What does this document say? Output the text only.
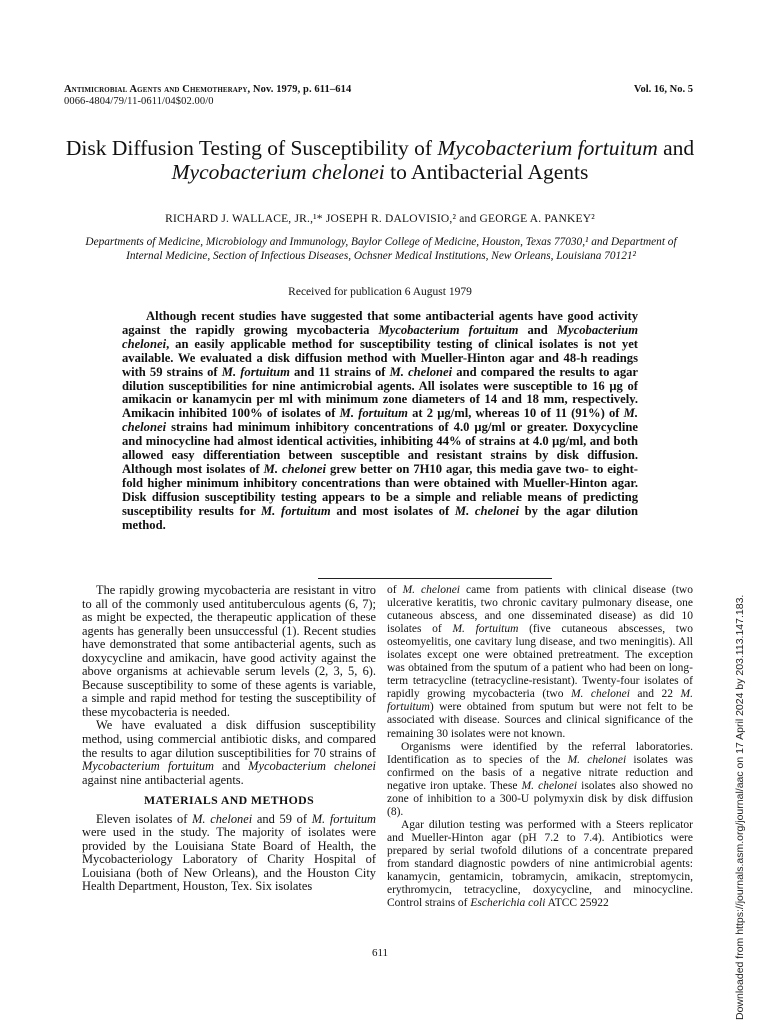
Antimicrobial Agents and Chemotherapy, Nov. 1979, p. 611–614
0066-4804/79/11-0611/04$02.00/0
Vol. 16, No. 5
Disk Diffusion Testing of Susceptibility of Mycobacterium fortuitum and Mycobacterium chelonei to Antibacterial Agents
RICHARD J. WALLACE, JR.,¹* JOSEPH R. DALOVISIO,² and GEORGE A. PANKEY²
Departments of Medicine, Microbiology and Immunology, Baylor College of Medicine, Houston, Texas 77030,¹ and Department of Internal Medicine, Section of Infectious Diseases, Ochsner Medical Institutions, New Orleans, Louisiana 70121²
Received for publication 6 August 1979
Although recent studies have suggested that some antibacterial agents have good activity against the rapidly growing mycobacteria Mycobacterium fortuitum and Mycobacterium chelonei, an easily applicable method for susceptibility testing of clinical isolates is not yet available. We evaluated a disk diffusion method with Mueller-Hinton agar and 48-h readings with 59 strains of M. fortuitum and 11 strains of M. chelonei and compared the results to agar dilution susceptibilities for nine antimicrobial agents. All isolates were susceptible to 16 μg of amikacin or kanamycin per ml with minimum zone diameters of 14 and 18 mm, respectively. Amikacin inhibited 100% of isolates of M. fortuitum at 2 μg/ml, whereas 10 of 11 (91%) of M. chelonei strains had minimum inhibitory concentrations of 4.0 μg/ml or greater. Doxycycline and minocycline had almost identical activities, inhibiting 44% of strains at 4.0 μg/ml, and both allowed easy differentiation between susceptible and resistant strains by disk diffusion. Although most isolates of M. chelonei grew better on 7H10 agar, this media gave two- to eight-fold higher minimum inhibitory concentrations than were obtained with Mueller-Hinton agar. Disk diffusion susceptibility testing appears to be a simple and reliable means of predicting susceptibility results for M. fortuitum and most isolates of M. chelonei by the agar dilution method.

The rapidly growing mycobacteria are resistant in vitro to all of the commonly used antituberculous agents (6, 7); as might be expected, the therapeutic application of these agents has generally been unsuccessful (1). Recent studies have demonstrated that some antibacterial agents, such as doxycycline and amikacin, have good activity against the above organisms at achievable serum levels (2, 3, 5, 6). Because susceptibility to some of these agents is variable, a simple and rapid method for testing the susceptibility of these mycobacteria is needed.

We have evaluated a disk diffusion susceptibility method, using commercial antibiotic disks, and compared the results to agar dilution susceptibilities for 70 strains of Mycobacterium fortuitum and Mycobacterium chelonei against nine antibacterial agents.

MATERIALS AND METHODS

Eleven isolates of M. chelonei and 59 of M. fortuitum were used in the study. The majority of isolates were provided by the Louisiana State Board of Health, the Mycobacteriology Laboratory of Charity Hospital of Louisiana (both of New Orleans), and the Houston City Health Department, Houston, Tex. Six isolates

of M. chelonei came from patients with clinical disease (two ulcerative keratitis, two chronic cavitary pulmonary disease, one cutaneous abscess, and one disseminated disease) as did 10 isolates of M. fortuitum (five cutaneous abscesses, two osteomyelitis, one cavitary lung disease, and two meningitis). All isolates except one were obtained pretreatment. The exception was obtained from the sputum of a patient who had been on long-term tetracycline (tetracycline-resistant). Twenty-four isolates of rapidly growing mycobacteria (two M. chelonei and 22 M. fortuitum) were obtained from sputum but were not felt to be associated with disease. Sources and clinical significance of the remaining 30 isolates were not known.

Organisms were identified by the referral laboratories. Identification as to species of the M. chelonei isolates was confirmed on the basis of a negative nitrate reduction and negative iron uptake. These M. chelonei isolates also showed no zone of inhibition to a 300-U polymyxin disk by disk diffusion (8).

Agar dilution testing was performed with a Steers replicator and Mueller-Hinton agar (pH 7.2 to 7.4). Antibiotics were prepared by serial twofold dilutions of a concentrate prepared from standard diagnostic powders of nine antimicrobial agents: kanamycin, gentamicin, tobramycin, amikacin, streptomycin, erythromycin, tetracycline, doxycycline, and minocycline. Control strains of Escherichia coli ATCC 25922

611	Downloaded from https://journals.asm.org/journal/aac on 17 April 2024 by 203.113.147.183.
